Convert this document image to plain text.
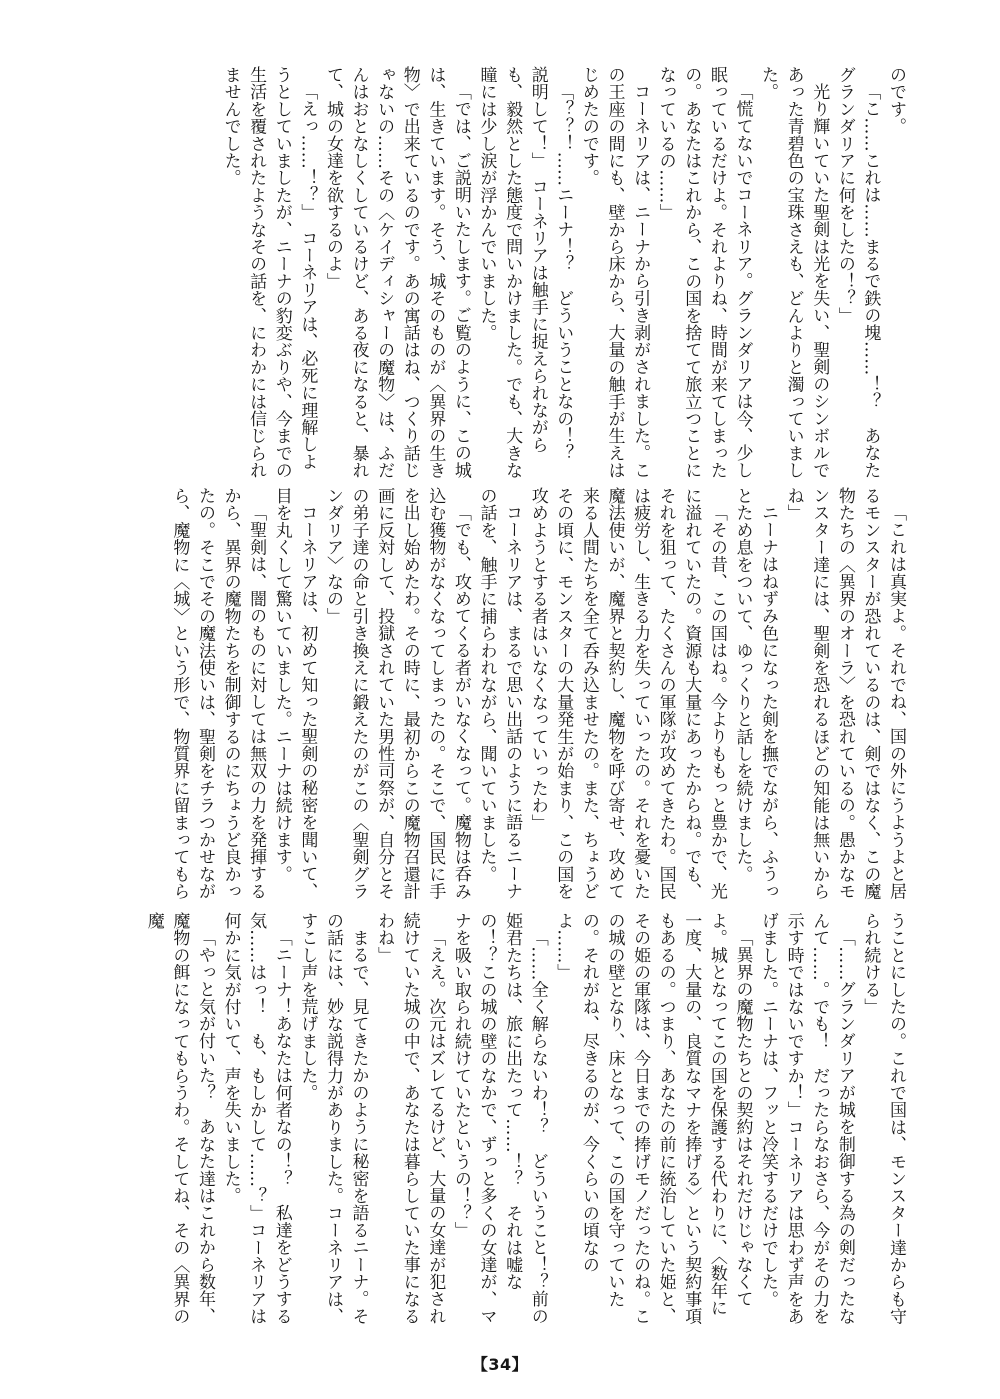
のです。

「こ……これは……まるで鉄の塊……！？　あなたグランダリアに何をしたの！？」

光り輝いていた聖剣は光を失い、聖剣のシンボルであった青碧色の宝珠さえも、どんよりと濁っていました。

「慌てないでコーネリア。グランダリアは今、少し眠っているだけよ。それよりね、時間が来てしまったの。あなたはこれから、この国を捨てて旅立つことになっているの……」

コーネリアは、ニーナから引き剥がされました。この王座の間にも、壁から床から、大量の触手が生えはじめたのです。

「？？！……ニーナ！？　どういうことなの！？　説明して！」　コーネリアは触手に捉えられながらも、毅然とした態度で問いかけました。でも、大きな瞳には少し涙が浮かんでいました。

「では、ご説明いたします。ご覧のように、この城は、生きています。そう、城そのものが〈異界の生き物〉で出来ているのです。あの寓話はね、つくり話じゃないの……その〈ケイディシャーの魔物〉は、ふだんはおとなしくしているけど、ある夜になると、暴れて、城の女達を欲するのよ」

「えっ……！？」　コーネリアは、必死に理解しようとしていましたが、ニーナの豹変ぶりや、今までの生活を覆されたようなその話を、にわかには信じられませんでした。

「これは真実よ。それでね、国の外にうようよと居るモンスターが恐れているのは、剣ではなく、この魔物たちの〈異界のオーラ〉を恐れているの。愚かなモンスター達には、聖剣を恐れるほどの知能は無いからね」

ニーナはねずみ色になった剣を撫でながら、ふうっとため息をついて、ゆっくりと話しを続けました。

「その昔、この国はね。今よりももっと豊かで、光に溢れていたの。資源も大量にあったからね。でも、それを狙って、たくさんの軍隊が攻めてきたわ。国民は疲労し、生きる力を失っていったの。それを憂いた魔法使いが、魔界と契約し、魔物を呼び寄せ、攻めて来る人間たちを全て呑み込ませたの。また、ちょうどその頃に、モンスターの大量発生が始まり、この国を攻めようとする者はいなくなっていったわ」

コーネリアは、まるで思い出話のように語るニーナの話を、触手に捕らわれながら、聞いていました。

「でも、攻めてくる者がいなくなって。魔物は呑み込む獲物がなくなってしまったの。そこで、国民に手を出し始めたわ。その時に、最初からこの魔物召還計画に反対して、投獄されていた男性司祭が、自分とその弟子達の命と引き換えに鍛えたのがこの〈聖剣グランダリア〉なの」

コーネリアは、初めて知った聖剣の秘密を聞いて、目を丸くして驚いていました。ニーナは続けます。

「聖剣は、闇のものに対しては無双の力を発揮するから、異界の魔物たちを制御するのにちょうど良かったの。そこでその魔法使いは、聖剣をチラつかせながら、魔物に〈城〉という形で、物質界に留まってもら

うことにしたの。これで国は、モンスター達からも守られ続ける」

「……グランダリアが城を制御する為の剣だったなんて……。でも！　だったらなおさら、今がその力を示す時ではないですか！」コーネリアは思わず声をあげました。ニーナは、フッと冷笑するだけでした。

「異界の魔物たちとの契約はそれだけじゃなくてよ。城となってこの国を保護する代わりに、〈数年に一度、大量の、良質なマナを捧げる〉という契約事項もあるの。つまり、あなたの前に統治していた姫と、その姫の軍隊は、今日までの捧げモノだったのね。この城の壁となり、床となって、この国を守っていたの。それがね、尽きるのが、今くらいの頃なのよ……」

「……全く解らないわ！？　どういうこと！？前の姫君たちは、旅に出たって……！？　それは嘘なの！？この城の壁のなかで、ずっと多くの女達が、マナを吸い取られ続けていたというの！？」

「ええ。次元はズレてるけど、大量の女達が犯され続けていた城の中で、あなたは暮らしていた事になるわね」

まるで、見てきたかのように秘密を語るニーナ。その話には、妙な説得力がありました。コーネリアは、すこし声を荒げました。

「ニーナ！あなたは何者なの！？　私達をどうする気……はっ！　も、もしかして……？」コーネリアは何かに気が付いて、声を失いました。

「やっと気が付いた？　あなた達はこれから数年、魔物の餌になってもらうわ。そしてね、その〈異界の魔

【34】
